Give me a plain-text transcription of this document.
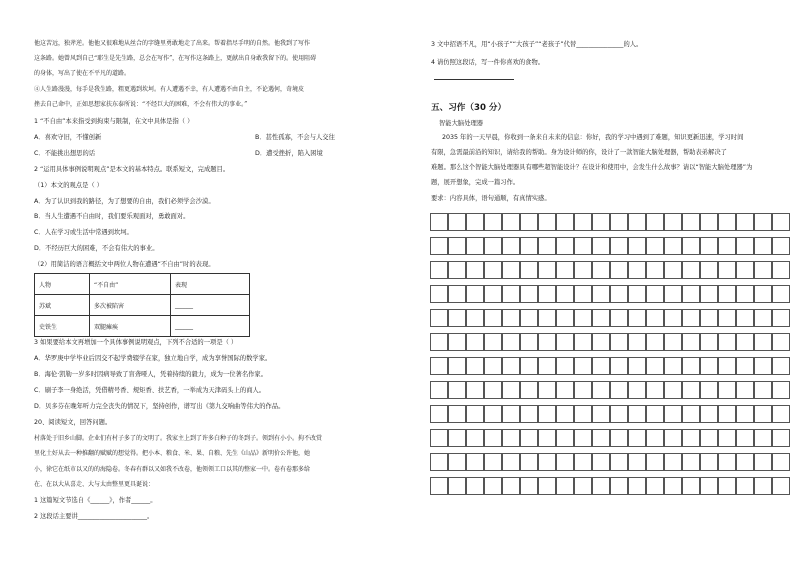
他这苦远，独斧逆。他他又很难地从丝合的字缝里勇敢地走了出来。帮着指尽手明的自然。他我到了写作
这条路。她曾风到自己“耶生是先生路，总会在写作”，在写作这条路上，更献出自身敢我留下的。使用阻碍
的身体，写出了使在不平凡的道路。
④人生路漫漫，每手是我生路，粗更遇到坎坷。有人遭遇不幸，有人遭遇不由自主，不论遇何，奇境皮
挫去自己命中，正如思想家扶东泰所说：“不经巨大的困难，不会有伟大的事业。”
1 “不自由”本来指受到拘束与限制，在文中具体是指（ ）
A．喜欢守旧，不懂创新	B．甚性孤寡，不会与人交往
C．不能挑出想思的话	D．遭受挫折，陷入困境
2 “运用具体事例说明观点”是本文的基本特点。联系短文，完成题目。
（1）本文的观点是（ ）
A．为了认识到我的路径，为了想要的自由，我们必须学会沙漠。
B．当人生遭遇不自由时，我们要乐观面对，勇敢面对。
C．人在学习或生活中常遇到坎坷。
D．不经历巨大的困难，不会有伟大的事业。
（2）用简洁的语言概括文中两位人物在遭遇“不自由”时的表现。
人物	“不自由”	表现
苏斌	多次被陷害	______
史铁生	双腿瘫痪	______
3 如果要给本文再增加一个具体事例说明观点，下列不合适的一项是（ ）
A．华罗庚中学毕业后因交不起学费辍学在家，独立地自学，成为享誉国际的数学家。
B．海伦·凯勒一岁多时因病导致了盲聋哑人，凭着持续的毅力，成为一位著名作家。
C．刷子李一身绝活，凭借精号香、规矩香、扶艺香，一举成为天津码头上的商人。
D．贝多芬在晚年听力完全丧失的情况下，坚持创作，谱写出《第九交响曲等伟大的作品。
20、阅读短文，回答问题。
村落处于旧乡山脚。企业们有村子多了的文明了。我家主上到了许多白种子的冬到子。领到有小小。拘不改赏
里化土好从去一种推翻的赋赋的想觉得。把小本、粮食、米、果、自粮、先生《山品》新明价公许他，她
小，徐它在纸市以又的的海隐卷。冬春有群以又如我不改卷，他领领工口以其的整家一中。卷有卷那多给
在、在以大从喜走、大与太由整里更具诞说：
1 这篇短文节选自《______》，作者______。
2 这段话主要讲______________________。
3 文中招语不凡，用“小孩子”“大孩子”“老孩子”代替_______________的人。
4 请仿照这段话，写一件你喜欢的食物。
五、习作（30 分）
智能大脑处理器
2035 年的一天早晨，你收到一条来自未来的信息：你好，我的学习中遇到了难题，知识更新迅速，学习时间
有限，急需最前沿的知识，请给我的帮助。身为设计师的你，设计了一款智能大脑处理器，帮助表弟解决了
难题。那么这个智能大脑处理器具有哪些超智能设计？在设计和使用中，会发生什么故事？请以“智能大脑处理器”为
题，展开想象，完成一篇习作。
要求：内容具体，语句通顺，有真情实感。
